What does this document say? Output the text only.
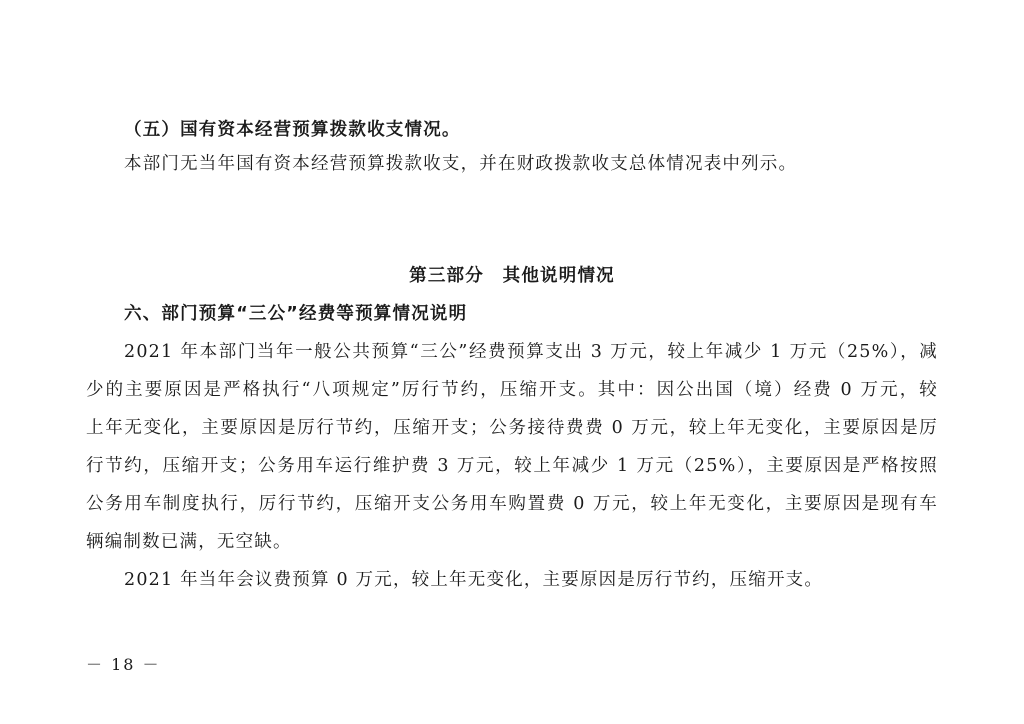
（五）国有资本经营预算拨款收支情况。
本部门无当年国有资本经营预算拨款收支，并在财政拨款收支总体情况表中列示。
第三部分　其他说明情况
六、部门预算“三公”经费等预算情况说明
2021 年本部门当年一般公共预算“三公”经费预算支出 3 万元，较上年减少 1 万元（25%），减
少的主要原因是严格执行“八项规定”厉行节约，压缩开支。其中：因公出国（境）经费 0 万元，较
上年无变化，主要原因是厉行节约，压缩开支；公务接待费费 0 万元，较上年无变化，主要原因是厉
行节约，压缩开支；公务用车运行维护费 3 万元，较上年减少 1 万元（25%），主要原因是严格按照
公务用车制度执行，厉行节约，压缩开支公务用车购置费 0 万元，较上年无变化，主要原因是现有车
辆编制数已满，无空缺。
2021 年当年会议费预算 0 万元，较上年无变化，主要原因是厉行节约，压缩开支。
－ 18 －
